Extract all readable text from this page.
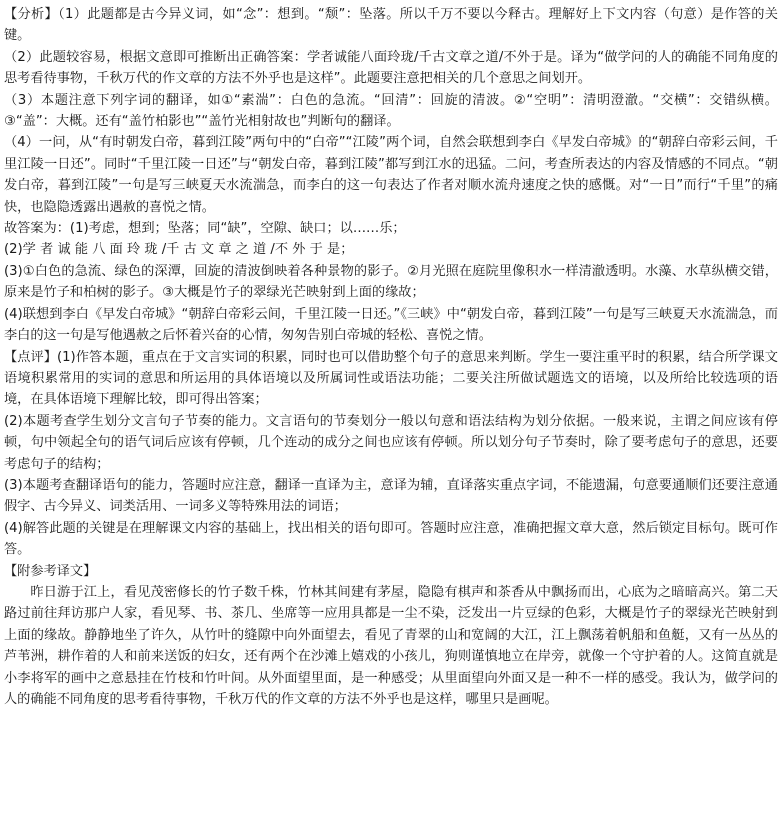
【分析】（1）此题都是古今异义词，如“念”：想到。“颓”：坠落。所以千万不要以今释古。理解好上下文内容（句意）是作答的关键。

（2）此题较容易，根据文意即可推断出正确答案：学者诚能八面玲珑/千古文章之道/不外于是。译为“做学问的人的确能不同角度的思考看待事物，千秋万代的作文章的方法不外乎也是这样”。此题要注意把相关的几个意思之间划开。

（3）本题注意下列字词的翻译，如①“素湍”：白色的急流。“回清”：回旋的清波。②“空明”：清明澄澈。“交横”：交错纵横。③“盖”：大概。还有“盖竹柏影也”“盖竹光相射故也”判断句的翻译。

（4）一问，从“有时朝发白帝，暮到江陵”两句中的“白帝”“江陵”两个词，自然会联想到李白《早发白帝城》的“朝辞白帝彩云间，千里江陵一日还”。同时“千里江陵一日还”与“朝发白帝，暮到江陵”都写到江水的迅猛。二问，考查所表达的内容及情感的不同点。“朝发白帝，暮到江陵”一句是写三峡夏天水流湍急，而李白的这一句表达了作者对顺水流舟速度之快的感慨。对“一日”而行“千里”的痛快，也隐隐透露出遇赦的喜悦之情。

故答案为：(1)考虑，想到；坠落；同“缺”，空隙、缺口；以……乐；

(2)学 者 诚 能 八 面 玲 珑 /千 古 文 章 之 道 /不 外 于 是；

(3)①白色的急流、绿色的深潭，回旋的清波倒映着各种景物的影子。②月光照在庭院里像积水一样清澈透明。水藻、水草纵横交错，原来是竹子和柏树的影子。③大概是竹子的翠绿光芒映射到上面的缘故；

(4)联想到李白《早发白帝城》“朝辞白帝彩云间，千里江陵一日还。”《三峡》中“朝发白帝，暮到江陵”一句是写三峡夏天水流湍急，而李白的这一句是写他遇赦之后怀着兴奋的心情，匆匆告别白帝城的轻松、喜悦之情。

【点评】(1)作答本题，重点在于文言实词的积累，同时也可以借助整个句子的意思来判断。学生一要注重平时的积累，结合所学课文语境积累常用的实词的意思和所运用的具体语境以及所属词性或语法功能；二要关注所做试题选文的语境，以及所给比较选项的语境，在具体语境下理解比较，即可得出答案；

(2)本题考查学生划分文言句子节奏的能力。文言语句的节奏划分一般以句意和语法结构为划分依据。一般来说，主谓之间应该有停顿，句中领起全句的语气词后应该有停顿，几个连动的成分之间也应该有停顿。所以划分句子节奏时，除了要考虑句子的意思，还要考虑句子的结构；

(3)本题考查翻译语句的能力，答题时应注意，翻译一直译为主，意译为辅，直译落实重点字词，不能遗漏，句意要通顺们还要注意通假字、古今异义、词类活用、一词多义等特殊用法的词语；

(4)解答此题的关键是在理解课文内容的基础上，找出相关的语句即可。答题时应注意，准确把握文章大意，然后锁定目标句。既可作答。

【附参考译文】

昨日游于江上，看见茂密修长的竹子数千株，竹林其间建有茅屋，隐隐有棋声和茶香从中飘扬而出，心底为之暗暗高兴。第二天路过前往拜访那户人家，看见琴、书、茶几、坐席等一应用具都是一尘不染，泛发出一片豆绿的色彩，大概是竹子的翠绿光芒映射到上面的缘故。静静地坐了许久，从竹叶的缝隙中向外面望去，看见了青翠的山和宽阔的大江，江上飘荡着帆船和鱼艇，又有一丛丛的芦苇洲，耕作着的人和前来送饭的妇女，还有两个在沙滩上嬉戏的小孩儿，狗则谨慎地立在岸旁，就像一个守护着的人。这简直就是小李将军的画中之意悬挂在竹枝和竹叶间。从外面望里面，是一种感受；从里面望向外面又是一种不一样的感受。我认为，做学问的人的确能不同角度的思考看待事物，千秋万代的作文章的方法不外乎也是这样，哪里只是画呢。
